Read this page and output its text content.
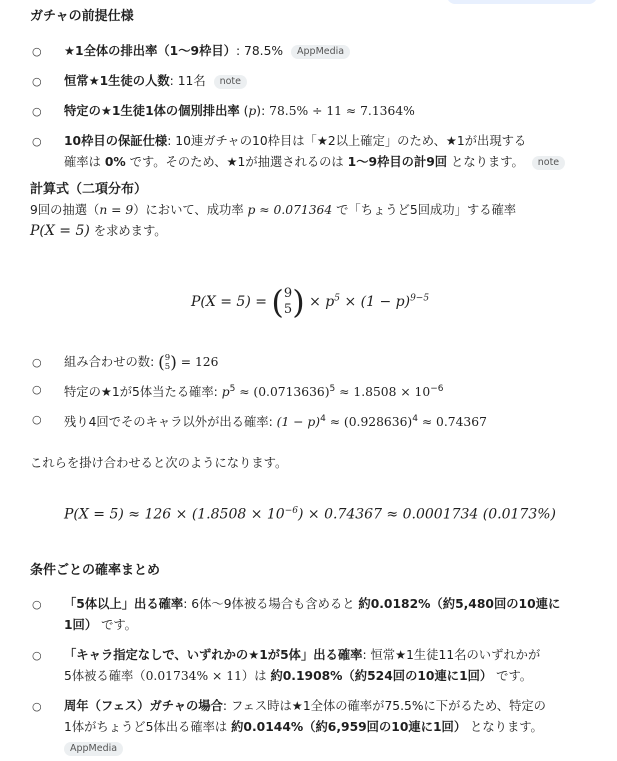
ガチャの前提仕様
○ ★1全体の排出率（1〜9枠目）: 78.5% AppMedia
○ 恒常★1生徒の人数: 11名 note
○ 特定の★1生徒1体の個別排出率 (p): 78.5% ÷ 11 ≈ 7.1364%
○ 10枠目の保証仕様: 10連ガチャの10枠目は「★2以上確定」のため、★1が出現する
確率は 0% です。そのため、★1が抽選されるのは 1〜9枠目の計9回 となります。 note
計算式（二項分布）

9回の抽選（n = 9）において、成功率 p ≈ 0.071364 で「ちょうど5回成功」する確率
P(X = 5) を求めます。

P(X = 5) = ( 9
5 ) × $p^5 \times (1 - p)^{9-5}$
○ 組み合わせの数: ( 9
5 ) = 126
○ 特定の★1が5体当たる確率: $p^5 \approx (0.0713636)^5 \approx 1.8508 \times 10^{-6}$
○ 残り4回でそのキャラ以外が出る確率: $(1 - p)^4 \approx (0.928636)^4 \approx 0.74367$

これらを掛け合わせると次のようになります。

$P(X = 5) \approx 126 \times (1.8508 \times 10^{-6}) \times 0.74367 \approx 0.0001734$ (0.0173%)
条件ごとの確率まとめ
○ 「5体以上」出る確率: 6体〜9体被る場合も含めると 約0.0182%（約5,480回の10連に
1回） です。
○ 「キャラ指定なしで、いずれかの★1が5体」出る確率: 恒常★1生徒11名のいずれかが
5体被る確率（0.01734% × 11）は 約0.1908%（約524回の10連に1回） です。
○ 周年（フェス）ガチャの場合: フェス時は★1全体の確率が75.5%に下がるため、特定の
1体がちょうど5体出る確率は 約0.0144%（約6,959回の10連に1回） となります。
AppMedia
